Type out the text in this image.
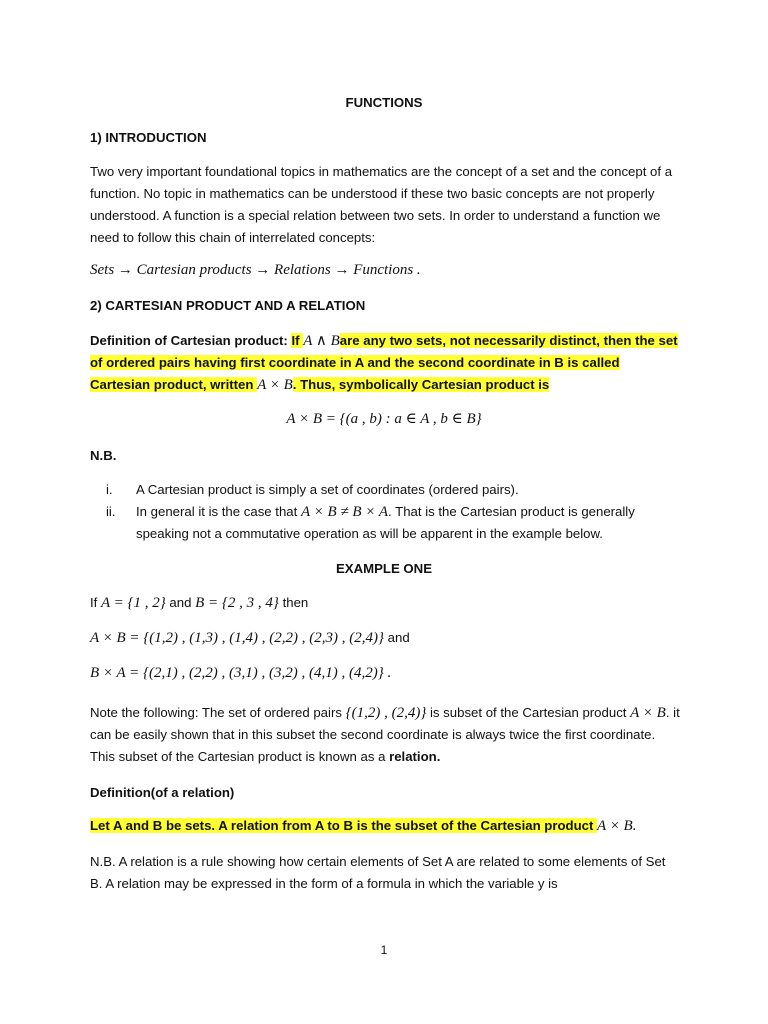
FUNCTIONS

1) INTRODUCTION

Two very important foundational topics in mathematics are the concept of a set and the concept of a function. No topic in mathematics can be understood if these two basic concepts are not properly understood. A function is a special relation between two sets. In order to understand a function we need to follow this chain of interrelated concepts:

Sets → Cartesian products → Relations → Functions .

2) CARTESIAN PRODUCT AND A RELATION

Definition of Cartesian product: If A ∧ Bare any two sets, not necessarily distinct, then the set of ordered pairs having first coordinate in A and the second coordinate in B is called Cartesian product, written A × B. Thus, symbolically Cartesian product is

A × B = {(a , b) : a ∈ A , b ∈ B}

N.B.

i.	A Cartesian product is simply a set of coordinates (ordered pairs).
ii.	In general it is the case that A × B ≠ B × A. That is the Cartesian product is generally speaking not a commutative operation as will be apparent in the example below.

EXAMPLE ONE

If A = {1 , 2} and B = {2 , 3 , 4} then

A × B = {(1,2) , (1,3) , (1,4) , (2,2) , (2,3) , (2,4)} and

B × A = {(2,1) , (2,2) , (3,1) , (3,2) , (4,1) , (4,2)} .

Note the following: The set of ordered pairs {(1,2) , (2,4)} is subset of the Cartesian product A × B. it can be easily shown that in this subset the second coordinate is always twice the first coordinate. This subset of the Cartesian product is known as a relation.

Definition(of a relation)

Let A and B be sets. A relation from A to B is the subset of the Cartesian product A × B.

N.B. A relation is a rule showing how certain elements of Set A are related to some elements of Set B. A relation may be expressed in the form of a formula in which the variable y is

1
